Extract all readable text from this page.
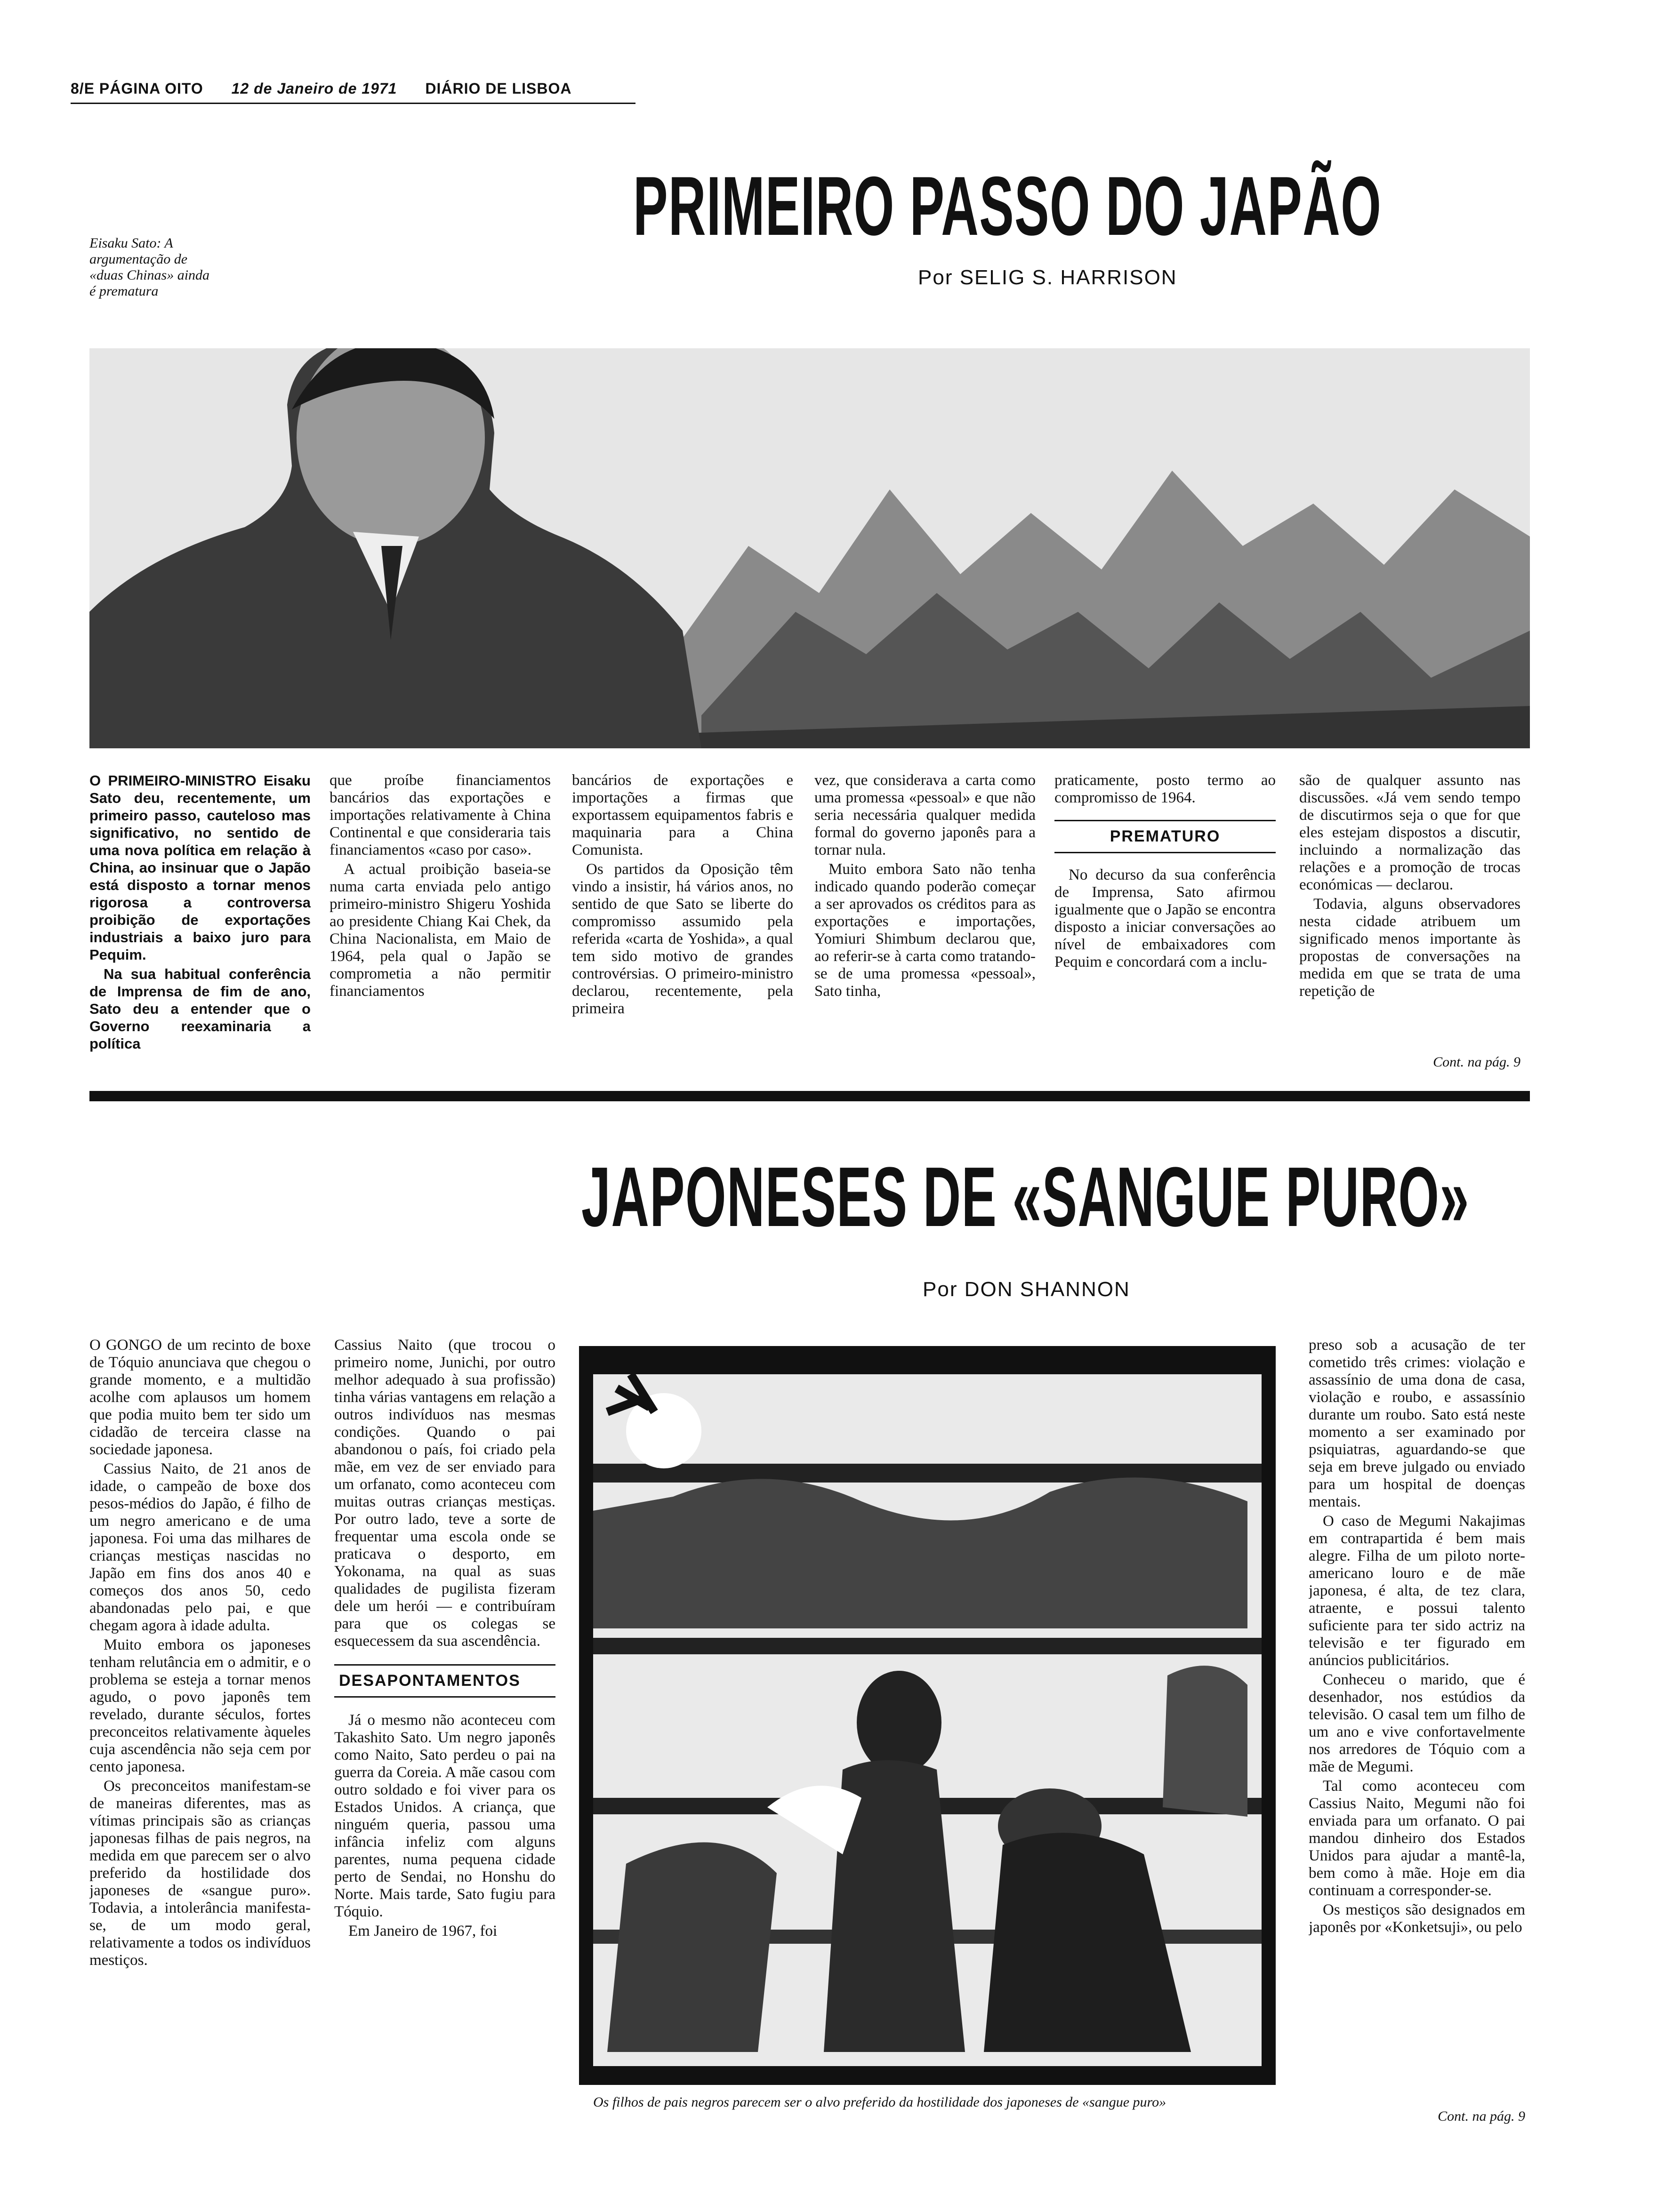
8/E PÁGINA OITO 12 de Janeiro de 1971 DIÁRIO DE LISBOA
PRIMEIRO PASSO DO JAPÃO
Por SELIG S. HARRISON
Eisaku Sato: A argumentação de «duas Chinas» ainda é prematura

O PRIMEIRO-MINISTRO Eisaku Sato deu, recentemente, um primeiro passo, cauteloso mas significativo, no sentido de uma nova política em relação à China, ao insinuar que o Japão está disposto a tornar menos rigorosa a controversa proibição de exportações industriais a baixo juro para Pequim.

Na sua habitual conferência de Imprensa de fim de ano, Sato deu a entender que o Governo reexaminaria a política

que proíbe financiamentos bancários das exportações e importações relativamente à China Continental e que consideraria tais financiamentos «caso por caso».

A actual proibição baseia-se numa carta enviada pelo antigo primeiro-ministro Shigeru Yoshida ao presidente Chiang Kai Chek, da China Nacionalista, em Maio de 1964, pela qual o Japão se comprometia a não permitir financiamentos

bancários de exportações e importações a firmas que exportassem equipamentos fabris e maquinaria para a China Comunista.

Os partidos da Oposição têm vindo a insistir, há vários anos, no sentido de que Sato se liberte do compromisso assumido pela referida «carta de Yoshida», a qual tem sido motivo de grandes controvérsias. O primeiro-ministro declarou, recentemente, pela primeira

vez, que considerava a carta como uma promessa «pessoal» e que não seria necessária qualquer medida formal do governo japonês para a tornar nula.

Muito embora Sato não tenha indicado quando poderão começar a ser aprovados os créditos para as exportações e importações, Yomiuri Shimbum declarou que, ao referir-se à carta como tratando-se de uma promessa «pessoal», Sato tinha,

praticamente, posto termo ao compromisso de 1964.

PREMATURO

No decurso da sua conferência de Imprensa, Sato afirmou igualmente que o Japão se encontra disposto a iniciar conversações ao nível de embaixadores com Pequim e concordará com a inclu-

são de qualquer assunto nas discussões. «Já vem sendo tempo de discutirmos seja o que for que eles estejam dispostos a discutir, incluindo a normalização das relações e a promoção de trocas económicas — declarou.

Todavia, alguns observadores nesta cidade atribuem um significado menos importante às propostas de conversações na medida em que se trata de uma repetição de

Cont. na pág. 9
JAPONESES DE «SANGUE PURO»
Por DON SHANNON

O GONGO de um recinto de boxe de Tóquio anunciava que chegou o grande momento, e a multidão acolhe com aplausos um homem que podia muito bem ter sido um cidadão de terceira classe na sociedade japonesa.

Cassius Naito, de 21 anos de idade, o campeão de boxe dos pesos-médios do Japão, é filho de um negro americano e de uma japonesa. Foi uma das milhares de crianças mestiças nascidas no Japão em fins dos anos 40 e começos dos anos 50, cedo abandonadas pelo pai, e que chegam agora à idade adulta.

Muito embora os japoneses tenham relutância em o admitir, e o problema se esteja a tornar menos agudo, o povo japonês tem revelado, durante séculos, fortes preconceitos relativamente àqueles cuja ascendência não seja cem por cento japonesa.

Os preconceitos manifestam-se de maneiras diferentes, mas as vítimas principais são as crianças japonesas filhas de pais negros, na medida em que parecem ser o alvo preferido da hostilidade dos japoneses de «sangue puro». Todavia, a intolerância manifesta-se, de um modo geral, relativamente a todos os indivíduos mestiços.

Cassius Naito (que trocou o primeiro nome, Junichi, por outro melhor adequado à sua profissão) tinha várias vantagens em relação a outros indivíduos nas mesmas condições. Quando o pai abandonou o país, foi criado pela mãe, em vez de ser enviado para um orfanato, como aconteceu com muitas outras crianças mestiças. Por outro lado, teve a sorte de frequentar uma escola onde se praticava o desporto, em Yokonama, na qual as suas qualidades de pugilista fizeram dele um herói — e contribuíram para que os colegas se esquecessem da sua ascendência.

DESAPONTAMENTOS

Já o mesmo não aconteceu com Takashito Sato. Um negro japonês como Naito, Sato perdeu o pai na guerra da Coreia. A mãe casou com outro soldado e foi viver para os Estados Unidos. A criança, que ninguém queria, passou uma infância infeliz com alguns parentes, numa pequena cidade perto de Sendai, no Honshu do Norte. Mais tarde, Sato fugiu para Tóquio.

Em Janeiro de 1967, foi

Os filhos de pais negros parecem ser o alvo preferido da hostilidade dos japoneses de «sangue puro»

preso sob a acusação de ter cometido três crimes: violação e assassínio de uma dona de casa, violação e roubo, e assassínio durante um roubo. Sato está neste momento a ser examinado por psiquiatras, aguardando-se que seja em breve julgado ou enviado para um hospital de doenças mentais.

O caso de Megumi Nakajimas em contrapartida é bem mais alegre. Filha de um piloto norte-americano louro e de mãe japonesa, é alta, de tez clara, atraente, e possui talento suficiente para ter sido actriz na televisão e ter figurado em anúncios publicitários.

Conheceu o marido, que é desenhador, nos estúdios da televisão. O casal tem um filho de um ano e vive confortavelmente nos arredores de Tóquio com a mãe de Megumi.

Tal como aconteceu com Cassius Naito, Megumi não foi enviada para um orfanato. O pai mandou dinheiro dos Estados Unidos para ajudar a mantê-la, bem como à mãe. Hoje em dia continuam a corresponder-se.

Os mestiços são designados em japonês por «Konketsuji», ou pelo

Cont. na pág. 9
